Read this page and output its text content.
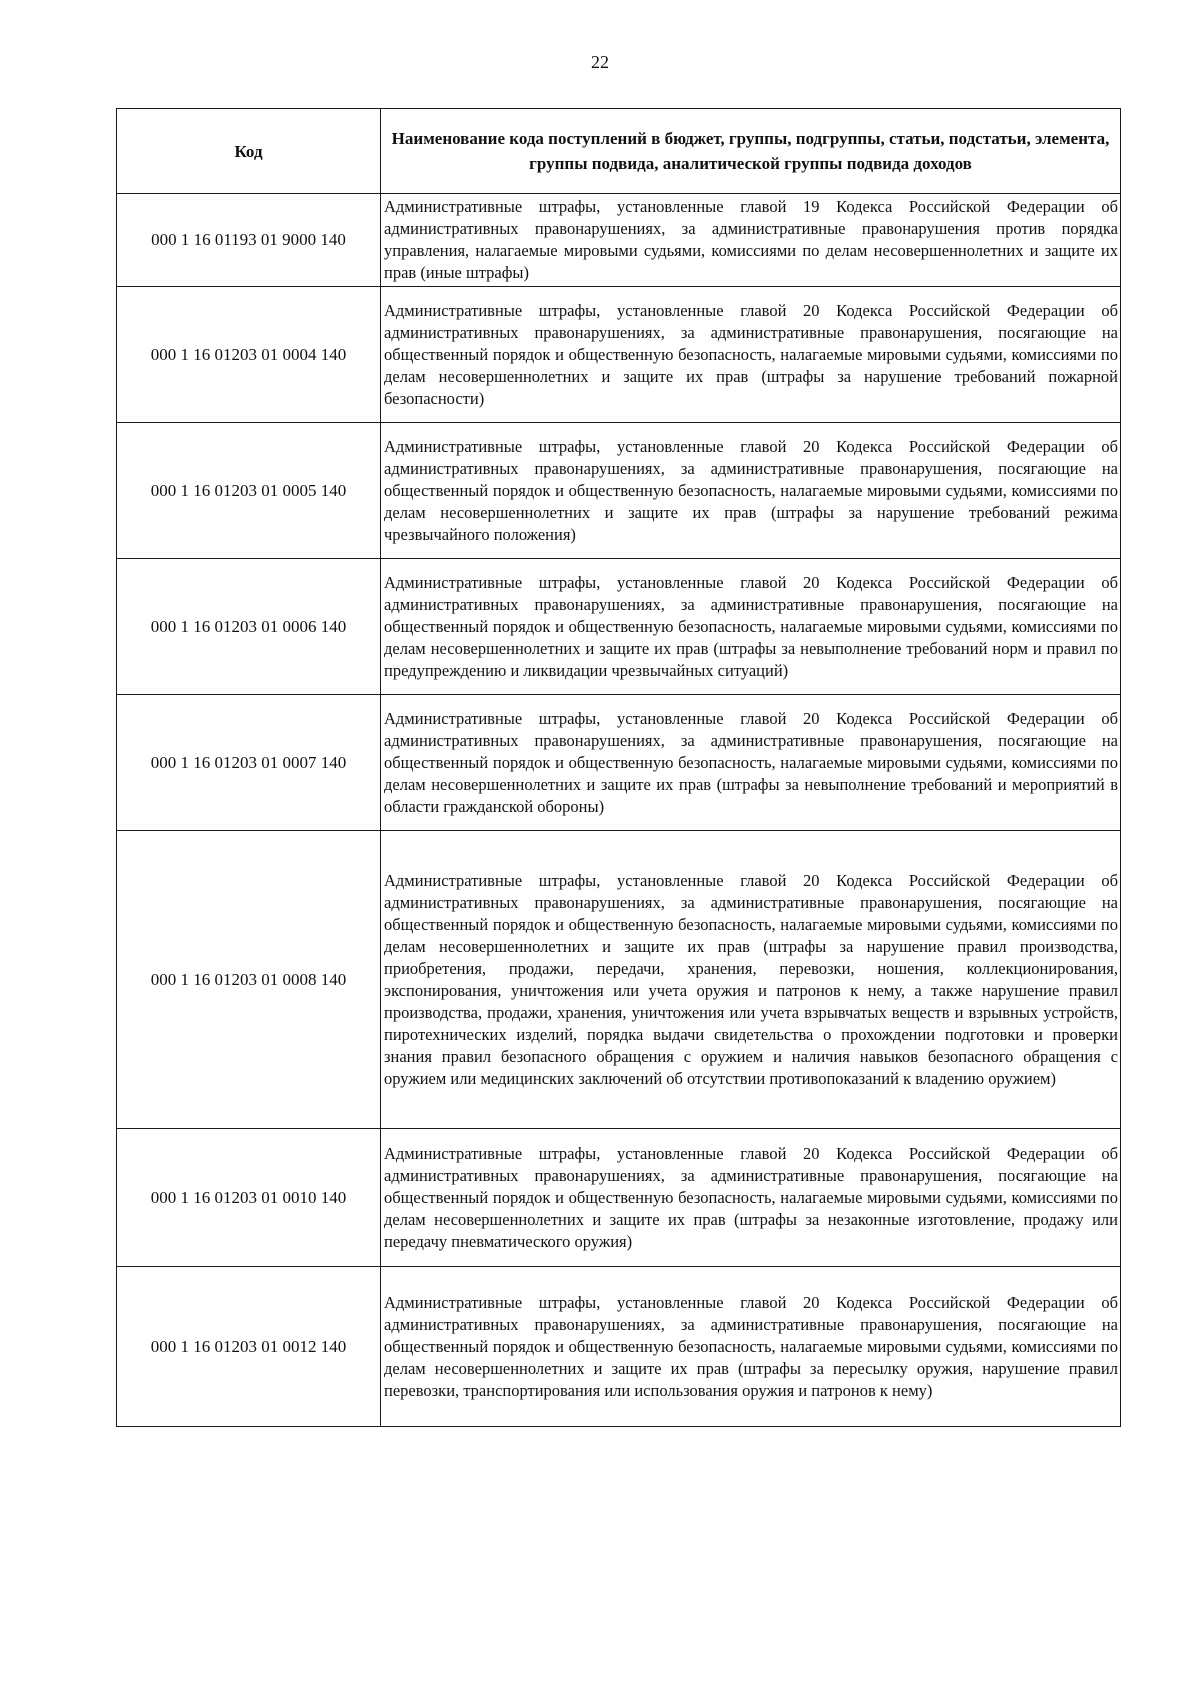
22
Код	Наименование кода поступлений в бюджет, группы, подгруппы, статьи, подстатьи, элемента, группы подвида, аналитической группы подвида доходов
000 1 16 01193 01 9000 140	Административные штрафы, установленные главой 19 Кодекса Российской Федерации об административных правонарушениях, за административные правонарушения против порядка управления, налагаемые мировыми судьями, комиссиями по делам несовершеннолетних и защите их прав (иные штрафы)
000 1 16 01203 01 0004 140	Административные штрафы, установленные главой 20 Кодекса Российской Федерации об административных правонарушениях, за административные правонарушения, посягающие на общественный порядок и общественную безопасность, налагаемые мировыми судьями, комиссиями по делам несовершеннолетних и защите их прав (штрафы за нарушение требований пожарной безопасности)
000 1 16 01203 01 0005 140	Административные штрафы, установленные главой 20 Кодекса Российской Федерации об административных правонарушениях, за административные правонарушения, посягающие на общественный порядок и общественную безопасность, налагаемые мировыми судьями, комиссиями по делам несовершеннолетних и защите их прав (штрафы за нарушение требований режима чрезвычайного положения)
000 1 16 01203 01 0006 140	Административные штрафы, установленные главой 20 Кодекса Российской Федерации об административных правонарушениях, за административные правонарушения, посягающие на общественный порядок и общественную безопасность, налагаемые мировыми судьями, комиссиями по делам несовершеннолетних и защите их прав (штрафы за невыполнение требований норм и правил по предупреждению и ликвидации чрезвычайных ситуаций)
000 1 16 01203 01 0007 140	Административные штрафы, установленные главой 20 Кодекса Российской Федерации об административных правонарушениях, за административные правонарушения, посягающие на общественный порядок и общественную безопасность, налагаемые мировыми судьями, комиссиями по делам несовершеннолетних и защите их прав (штрафы за невыполнение требований и мероприятий в области гражданской обороны)
000 1 16 01203 01 0008 140	Административные штрафы, установленные главой 20 Кодекса Российской Федерации об административных правонарушениях, за административные правонарушения, посягающие на общественный порядок и общественную безопасность, налагаемые мировыми судьями, комиссиями по делам несовершеннолетних и защите их прав (штрафы за нарушение правил производства, приобретения, продажи, передачи, хранения, перевозки, ношения, коллекционирования, экспонирования, уничтожения или учета оружия и патронов к нему, а также нарушение правил производства, продажи, хранения, уничтожения или учета взрывчатых веществ и взрывных устройств, пиротехнических изделий, порядка выдачи свидетельства о прохождении подготовки и проверки знания правил безопасного обращения с оружием и наличия навыков безопасного обращения с оружием или медицинских заключений об отсутствии противопоказаний к владению оружием)
000 1 16 01203 01 0010 140	Административные штрафы, установленные главой 20 Кодекса Российской Федерации об административных правонарушениях, за административные правонарушения, посягающие на общественный порядок и общественную безопасность, налагаемые мировыми судьями, комиссиями по делам несовершеннолетних и защите их прав (штрафы за незаконные изготовление, продажу или передачу пневматического оружия)
000 1 16 01203 01 0012 140	Административные штрафы, установленные главой 20 Кодекса Российской Федерации об административных правонарушениях, за административные правонарушения, посягающие на общественный порядок и общественную безопасность, налагаемые мировыми судьями, комиссиями по делам несовершеннолетних и защите их прав (штрафы за пересылку оружия, нарушение правил перевозки, транспортирования или использования оружия и патронов к нему)
